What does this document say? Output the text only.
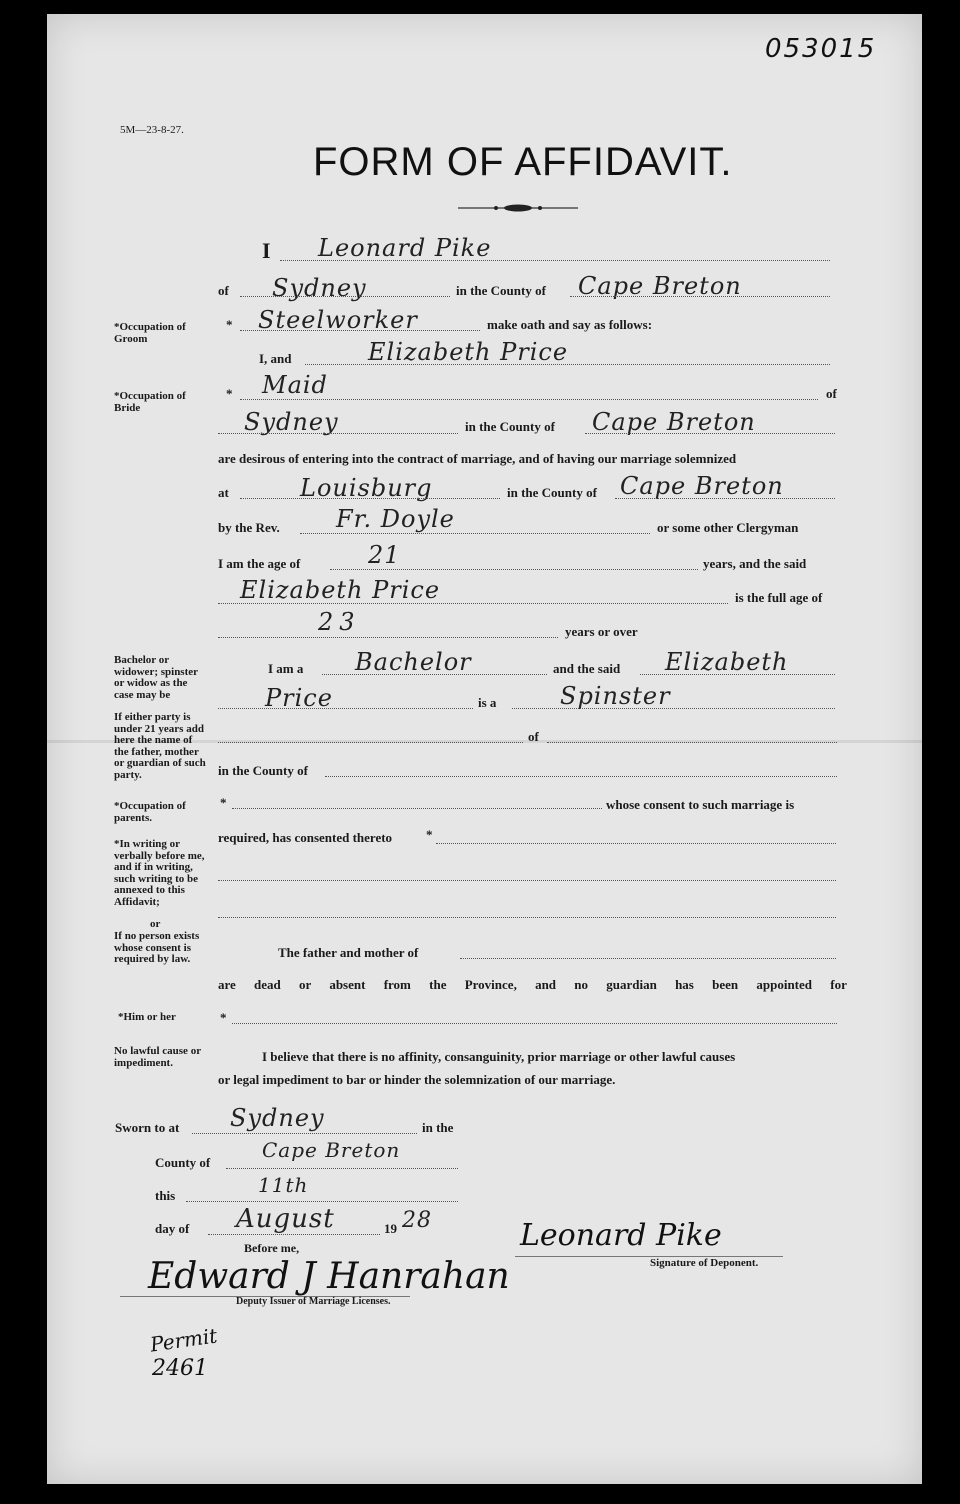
053015
5M—23-8-27.
FORM OF AFFIDAVIT.
*Occupation of Groom
*Occupation of Bride
Bachelor or widower; spinster or widow as the case may be
If either party is under 21 years add here the name of the father, mother or guardian of such party.
*Occupation of parents.
*In writing or verbally before me, and if in writing, such writing to be annexed to this Affidavit;
or
If no person exists whose consent is required by law.
*Him or her
No lawful cause or impediment.
I Leonard Pike
of Sydney	in the County of Cape Breton
* Steelworker	make oath and say as follows:
I, and	Elizabeth Price
* Maid	of
Sydney	in the County of Cape Breton
are desirous of entering into the contract of marriage, and of having our marriage solemnized
at	Louisburg	in the County of Cape Breton
by the Rev. Fr. Doyle	or some other Clergyman
I am the age of	21	years, and the said
Elizabeth Price	is the full age of
23	years or over
I am a Bachelor	and the said Elizabeth
Price	is a	Spinster
of
in the County of
*	whose consent to such marriage is
required, has consented thereto	*
The father and mother of
are dead or absent from the Province, and no guardian has been appointed for
*
I believe that there is no affinity, consanguinity, prior marriage or other lawful causes
or legal impediment to bar or hinder the solemnization of our marriage.
Sworn to at Sydney	in the
County of
Cape Breton
this	11th
day of August	19 28
Before me,	Leonard Pike
Signature of Deponent.
Edward J Hanrahan
Deputy Issuer of Marriage Licenses.
Permit
2461
